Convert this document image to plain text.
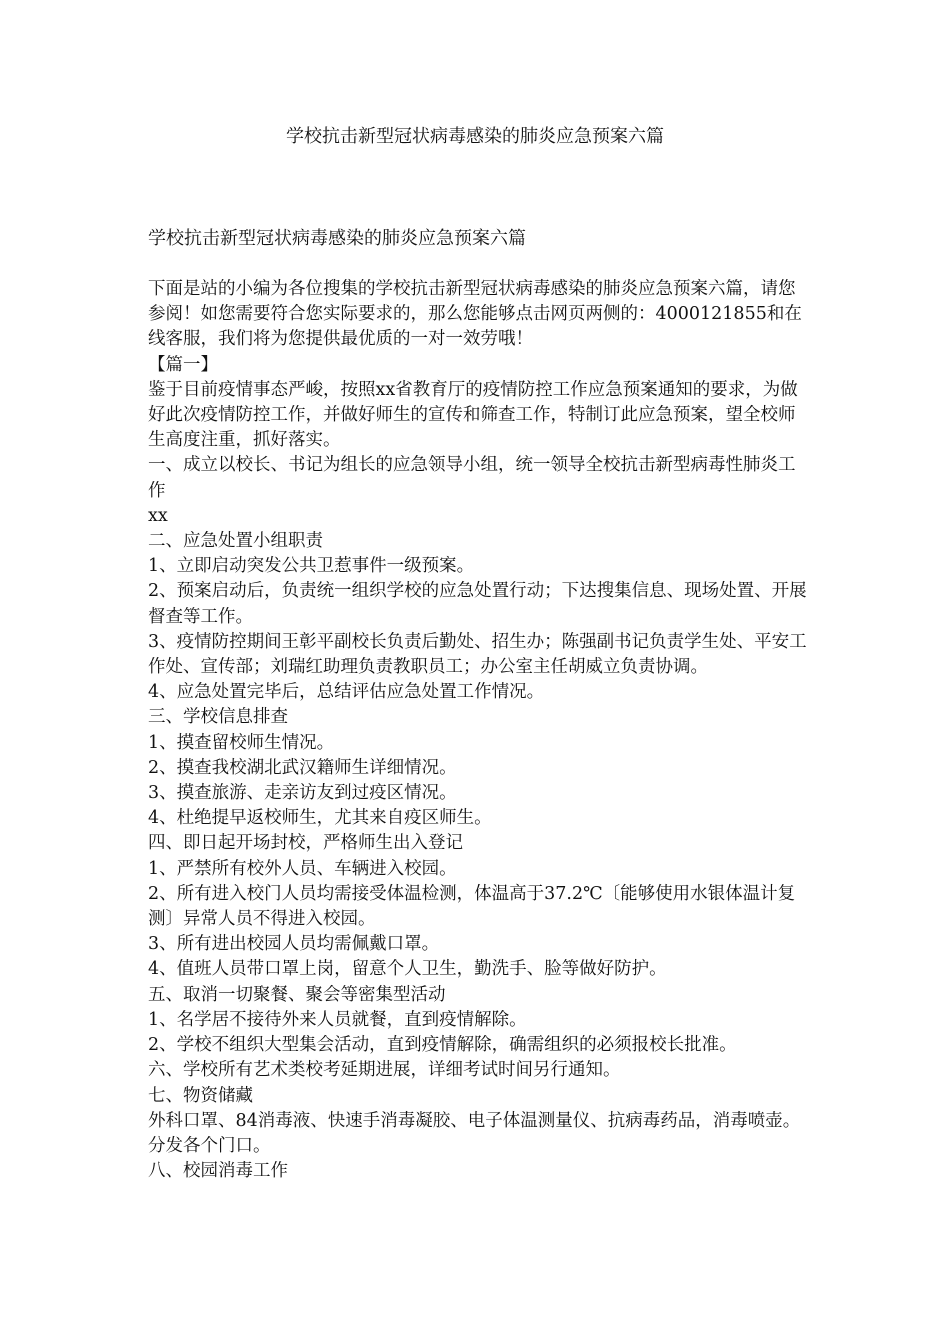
学校抗击新型冠状病毒感染的肺炎应急预案六篇
学校抗击新型冠状病毒感染的肺炎应急预案六篇

下面是站的小编为各位搜集的学校抗击新型冠状病毒感染的肺炎应急预案六篇，请您参阅！如您需要符合您实际要求的，那么您能够点击网页两侧的：4000121855和在线客服，我们将为您提供最优质的一对一效劳哦！

【篇一】

鉴于目前疫情事态严峻，按照xx省教育厅的疫情防控工作应急预案通知的要求，为做好此次疫情防控工作，并做好师生的宣传和筛查工作，特制订此应急预案，望全校师生高度注重，抓好落实。

一、成立以校长、书记为组长的应急领导小组，统一领导全校抗击新型病毒性肺炎工作

xx

二、应急处置小组职责

1、立即启动突发公共卫惹事件一级预案。

2、预案启动后，负责统一组织学校的应急处置行动；下达搜集信息、现场处置、开展督查等工作。

3、疫情防控期间王彰平副校长负责后勤处、招生办；陈强副书记负责学生处、平安工作处、宣传部；刘瑞红助理负责教职员工；办公室主任胡威立负责协调。

4、应急处置完毕后，总结评估应急处置工作情况。

三、学校信息排查

1、摸查留校师生情况。

2、摸查我校湖北武汉籍师生详细情况。

3、摸查旅游、走亲访友到过疫区情况。

4、杜绝提早返校师生，尤其来自疫区师生。

四、即日起开场封校，严格师生出入登记

1、严禁所有校外人员、车辆进入校园。

2、所有进入校门人员均需接受体温检测，体温高于37.2℃〔能够使用水银体温计复测〕异常人员不得进入校园。

3、所有进出校园人员均需佩戴口罩。

4、值班人员带口罩上岗，留意个人卫生，勤洗手、脸等做好防护。

五、取消一切聚餐、聚会等密集型活动

1、名学居不接待外来人员就餐，直到疫情解除。

2、学校不组织大型集会活动，直到疫情解除，确需组织的必须报校长批准。

六、学校所有艺术类校考延期进展，详细考试时间另行通知。

七、物资储藏

外科口罩、84消毒液、快速手消毒凝胶、电子体温测量仪、抗病毒药品，消毒喷壶。分发各个门口。

八、校园消毒工作
